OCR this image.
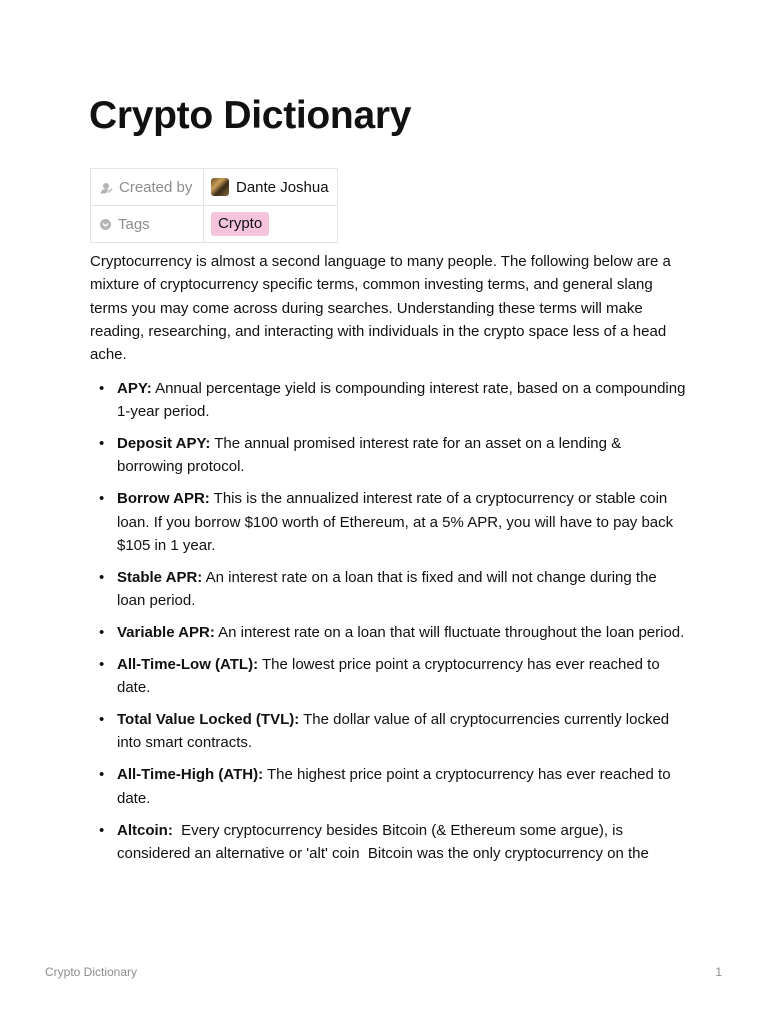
Crypto Dictionary
Created by	Dante Joshua

Tags	Crypto

Cryptocurrency is almost a second language to many people. The following below are a mixture of cryptocurrency specific terms, common investing terms, and general slang terms you may come across during searches. Understanding these terms will make reading, researching, and interacting with individuals in the crypto space less of a head ache.

• APY: Annual percentage yield is compounding interest rate, based on a compounding 1-year period.
• Deposit APY: The annual promised interest rate for an asset on a lending & borrowing protocol.
• Borrow APR: This is the annualized interest rate of a cryptocurrency or stable coin loan. If you borrow $100 worth of Ethereum, at a 5% APR, you will have to pay back $105 in 1 year.
• Stable APR: An interest rate on a loan that is fixed and will not change during the loan period.
• Variable APR: An interest rate on a loan that will fluctuate throughout the loan period.
• All-Time-Low (ATL): The lowest price point a cryptocurrency has ever reached to date.
• Total Value Locked (TVL): The dollar value of all cryptocurrencies currently locked into smart contracts.
• All-Time-High (ATH): The highest price point a cryptocurrency has ever reached to date.
• Altcoin:  Every cryptocurrency besides Bitcoin (& Ethereum some argue), is considered an alternative or 'alt' coin  Bitcoin was the only cryptocurrency on the
Crypto Dictionary	1
